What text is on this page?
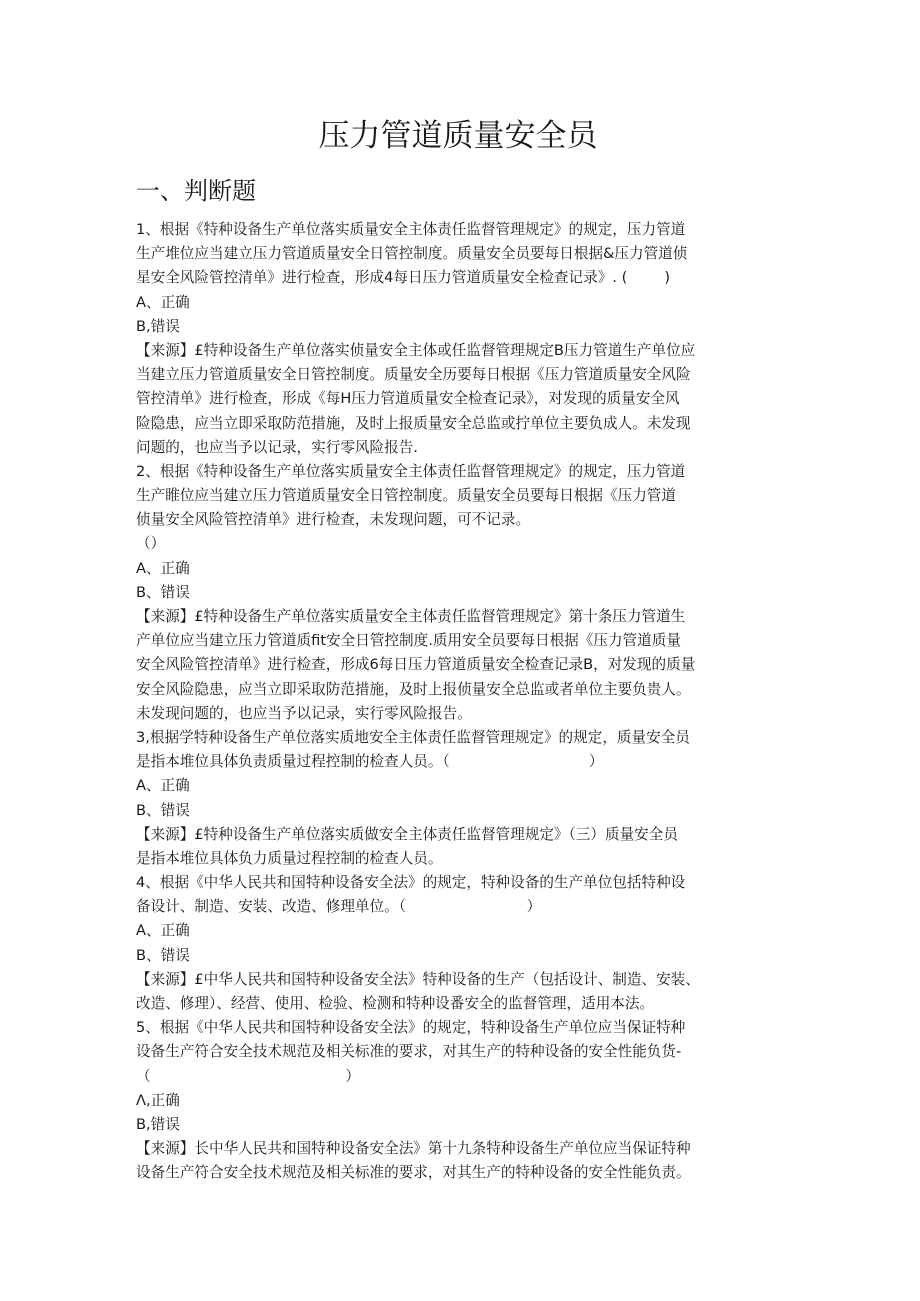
压力管道质量安全员
一、判断题
1、根据《特种设备生产单位落实质量安全主体责任监督管理规定》的规定，压力管道
生产堆位应当建立压力管道质量安全日管控制度。质量安全员要每日根据&压力管道侦
星安全风险管控清单》进行检查，形成4每日压力管道质量安全检查记录》. (        )
A、正确
B,错误
【来源】£特种设备生产单位落实侦量安全主体或任监督管理规定B压力管道生产单位应
当建立压力管道质量安全日管控制度。质量安全历要每日根据《压力管道质量安全风险
管控清单》进行检查，形成《每H压力管道质量安全检查记录》，对发现的质量安全风
险隐患，应当立即采取防范措施，及时上报质量安全总监或拧单位主要负成人。未发现
问题的，也应当予以记录，实行零风险报告.
2、根据《特种设备生产单位落实质量安全主体责任监督管理规定》的规定，压力管道
生产睢位应当建立压力管道质量安全日管控制度。质量安全员要每日根据《压力管道
侦量安全风险管控清单》进行检查，未发现问题，可不记录。
（）
A、正确
B、错误
【来源】£特种设备生产单位落实质量安全主体责任监督管理规定》第十条压力管道生
产单位应当建立压力管道质fit安全日管控制度.质用安全员要每日根据《压力管道质量
安全风险管控清单》进行检查，形成6每日压力管道质量安全检查记录B，对发现的质量
安全风险隐患，应当立即采取防范措施，及时上报侦量安全总监或者单位主要负贵人。
未发现问题的，也应当予以记录，实行零风险报告。
3,根据学特种设备生产单位落实质地安全主体责任监督管理规定》的规定，质量安全员
是指本堆位具体负责质量过程控制的检查人员。（                              ）
A、正确
B、错误
【来源】£特种设备生产单位落实质做安全主体责任监督管理规定》（三）质量安全员
是指本堆位具体负力质量过程控制的检查人员。
4、根据《中华人民共和国特种设备安全法》的规定，特种设备的生产单位包括特种设
备设计、制造、安装、改造、修理单位。（                          ）
A、正确
B、错误
【来源】£中华人民共和国特种设备安全法》特种设备的生产（包括设计、制造、安装、
改造、修理）、经营、使用、检验、检测和特种设番安全的监督管理，适用本法。
5、根据《中华人民共和国特种设备安全法》的规定，特种设备生产单位应当保证特种
设备生产符合安全技术规范及相关标准的要求，对其生产的特种设备的安全性能负货-
（                                          ）
Λ,正确
B,错误
【来源】长中华人民共和国特种设备安全法》第十九条特种设备生产单位应当保证特种
设备生产符合安全技术规范及相关标准的要求，对其生产的特种设备的安全性能负责。
